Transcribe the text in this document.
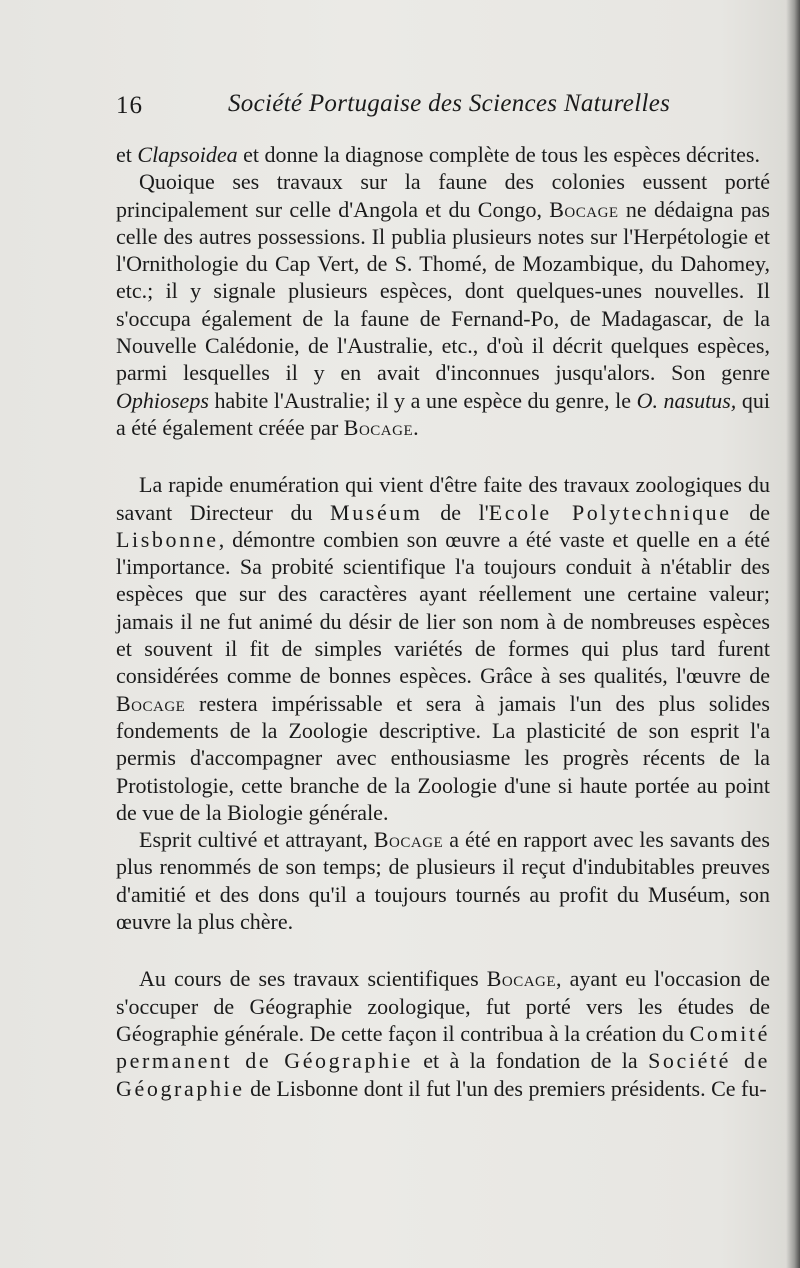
16	Société Portugaise des Sciences Naturelles

et Clapsoidea et donne la diagnose complète de tous les espèces décrites.

Quoique ses travaux sur la faune des colonies eussent porté principalement sur celle d'Angola et du Congo, Bocage ne dédaigna pas celle des autres possessions. Il publia plusieurs notes sur l'Herpétologie et l'Ornithologie du Cap Vert, de S. Thomé, de Mozambique, du Dahomey, etc.; il y signale plusieurs espèces, dont quelques-unes nouvelles. Il s'occupa également de la faune de Fernand-Po, de Madagascar, de la Nouvelle Calédonie, de l'Australie, etc., d'où il décrit quelques espèces, parmi lesquelles il y en avait d'inconnues jusqu'alors. Son genre Ophioseps habite l'Australie; il y a une espèce du genre, le O. nasutus, qui a été également créée par Bocage.

La rapide enumération qui vient d'être faite des travaux zoologiques du savant Directeur du Muséum de l'Ecole Polytechnique de Lisbonne, démontre combien son œuvre a été vaste et quelle en a été l'importance. Sa probité scientifique l'a toujours conduit à n'établir des espèces que sur des caractères ayant réellement une certaine valeur; jamais il ne fut animé du désir de lier son nom à de nombreuses espèces et souvent il fit de simples variétés de formes qui plus tard furent considérées comme de bonnes espèces. Grâce à ses qualités, l'œuvre de Bocage restera impérissable et sera à jamais l'un des plus solides fondements de la Zoologie descriptive. La plasticité de son esprit l'a permis d'accompagner avec enthousiasme les progrès récents de la Protistologie, cette branche de la Zoologie d'une si haute portée au point de vue de la Biologie générale.

Esprit cultivé et attrayant, Bocage a été en rapport avec les savants des plus renommés de son temps; de plusieurs il reçut d'indubitables preuves d'amitié et des dons qu'il a toujours tournés au profit du Muséum, son œuvre la plus chère.

Au cours de ses travaux scientifiques Bocage, ayant eu l'occasion de s'occuper de Géographie zoologique, fut porté vers les études de Géographie générale. De cette façon il contribua à la création du Comité permanent de Géographie et à la fondation de la Société de Géographie de Lisbonne dont il fut l'un des premiers présidents. Ce fu-
